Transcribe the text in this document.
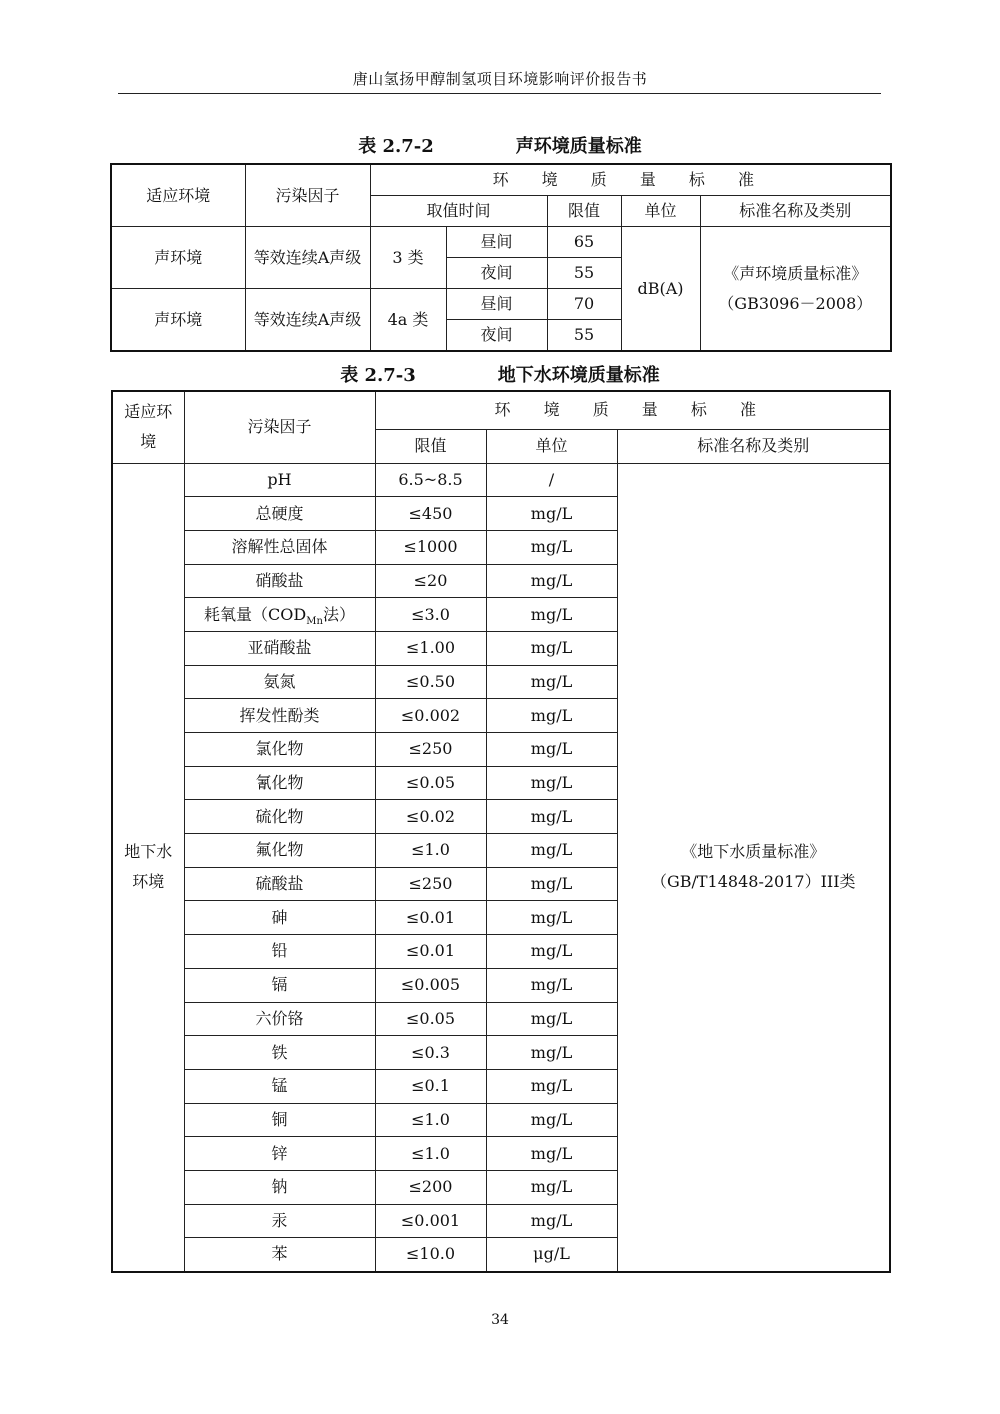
唐山氢扬甲醇制氢项目环境影响评价报告书
表 2.7-2	声环境质量标准
适应环境	污染因子	环 境 质 量 标 准				
		取值时间		限值	单位	标准名称及类别
声环境	等效连续A声级	3 类	昼间	65	dB(A)	《声环境质量标准》
（GB3096－2008）

			夜间	55		
声环境	等效连续A声级	4a 类	昼间	70		
			夜间	55		
表 2.7-3	地下水环境质量标准
适应环境	污染因子	环 境 质 量 标 准		
		限值	单位	标准名称及类别
地下水环境	pH	6.5~8.5	/	《地下水质量标准》
（GB/T14848-2017）III类

	总硬度	≤450	mg/L	
	溶解性总固体	≤1000	mg/L	
	硝酸盐	≤20	mg/L	
	耗氧量（$COD_{Mn}$法）	≤3.0	mg/L	
	亚硝酸盐	≤1.00	mg/L	
	氨氮	≤0.50	mg/L	
	挥发性酚类	≤0.002	mg/L	
	氯化物	≤250	mg/L	
	氰化物	≤0.05	mg/L	
	硫化物	≤0.02	mg/L	
	氟化物	≤1.0	mg/L	
	硫酸盐	≤250	mg/L	
	砷	≤0.01	mg/L	
	铅	≤0.01	mg/L	
	镉	≤0.005	mg/L	
	六价铬	≤0.05	mg/L	
	铁	≤0.3	mg/L	
	锰	≤0.1	mg/L	
	铜	≤1.0	mg/L	
	锌	≤1.0	mg/L	
	钠	≤200	mg/L	
	汞	≤0.001	mg/L	
	苯	≤10.0	μg/L	
34
